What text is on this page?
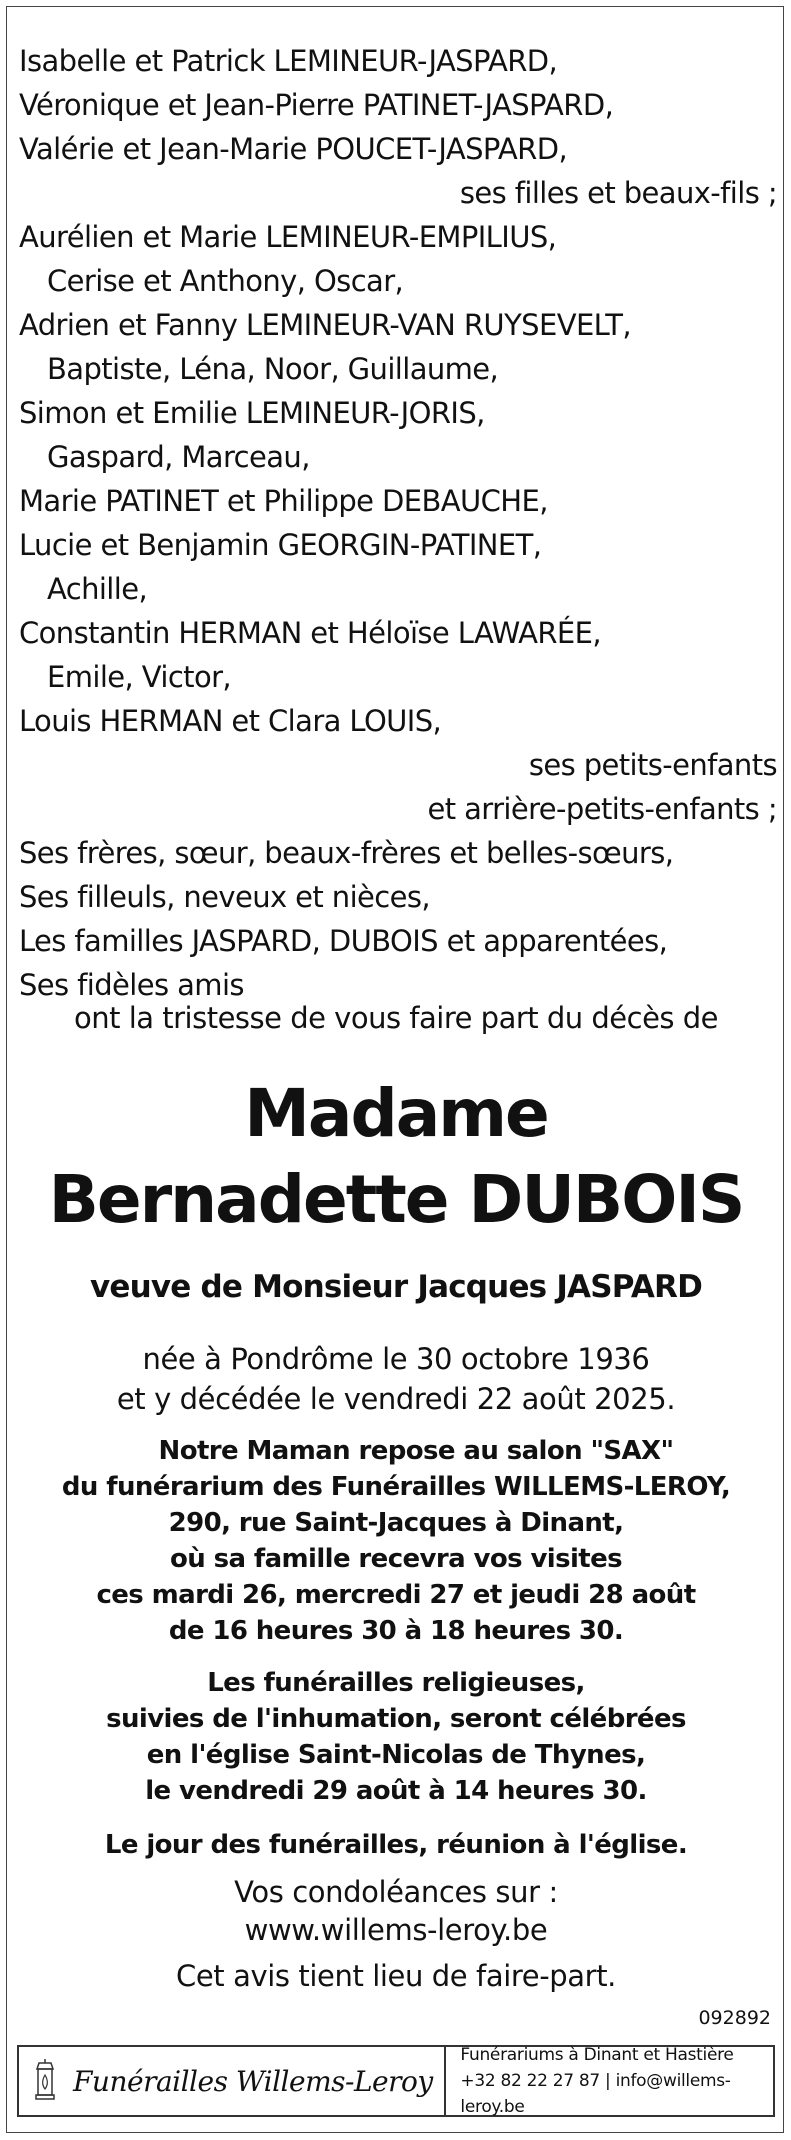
Isabelle et Patrick LEMINEUR-JASPARD,
Véronique et Jean-Pierre PATINET-JASPARD,
Valérie et Jean-Marie POUCET-JASPARD,
ses filles et beaux-fils ;
Aurélien et Marie LEMINEUR-EMPILIUS,
Cerise et Anthony, Oscar,
Adrien et Fanny LEMINEUR-VAN RUYSEVELT,
Baptiste, Léna, Noor, Guillaume,
Simon et Emilie LEMINEUR-JORIS,
Gaspard, Marceau,
Marie PATINET et Philippe DEBAUCHE,
Lucie et Benjamin GEORGIN-PATINET,
Achille,
Constantin HERMAN et Héloïse LAWARÉE,
Emile, Victor,
Louis HERMAN et Clara LOUIS,
ses petits-enfants
et arrière-petits-enfants ;
Ses frères, sœur, beaux-frères et belles-sœurs,
Ses filleuls, neveux et nièces,
Les familles JASPARD, DUBOIS et apparentées,
Ses fidèles amis
ont la tristesse de vous faire part du décès de
Madame
Bernadette DUBOIS
veuve de Monsieur Jacques JASPARD
née à Pondrôme le 30 octobre 1936
et y décédée le vendredi 22 août 2025.
Notre Maman repose au salon "SAX"
du funérarium des Funérailles WILLEMS-LEROY,
290, rue Saint-Jacques à Dinant,
où sa famille recevra vos visites
ces mardi 26, mercredi 27 et jeudi 28 août
de 16 heures 30 à 18 heures 30.
Les funérailles religieuses,
suivies de l'inhumation, seront célébrées
en l'église Saint-Nicolas de Thynes,
le vendredi 29 août à 14 heures 30.
Le jour des funérailles, réunion à l'église.
Vos condoléances sur :
www.willems-leroy.be
Cet avis tient lieu de faire-part.
092892
Funérailles Willems-Leroy
Funérariums à Dinant et Hastière
+32 82 22 27 87 | info@willems-leroy.be
